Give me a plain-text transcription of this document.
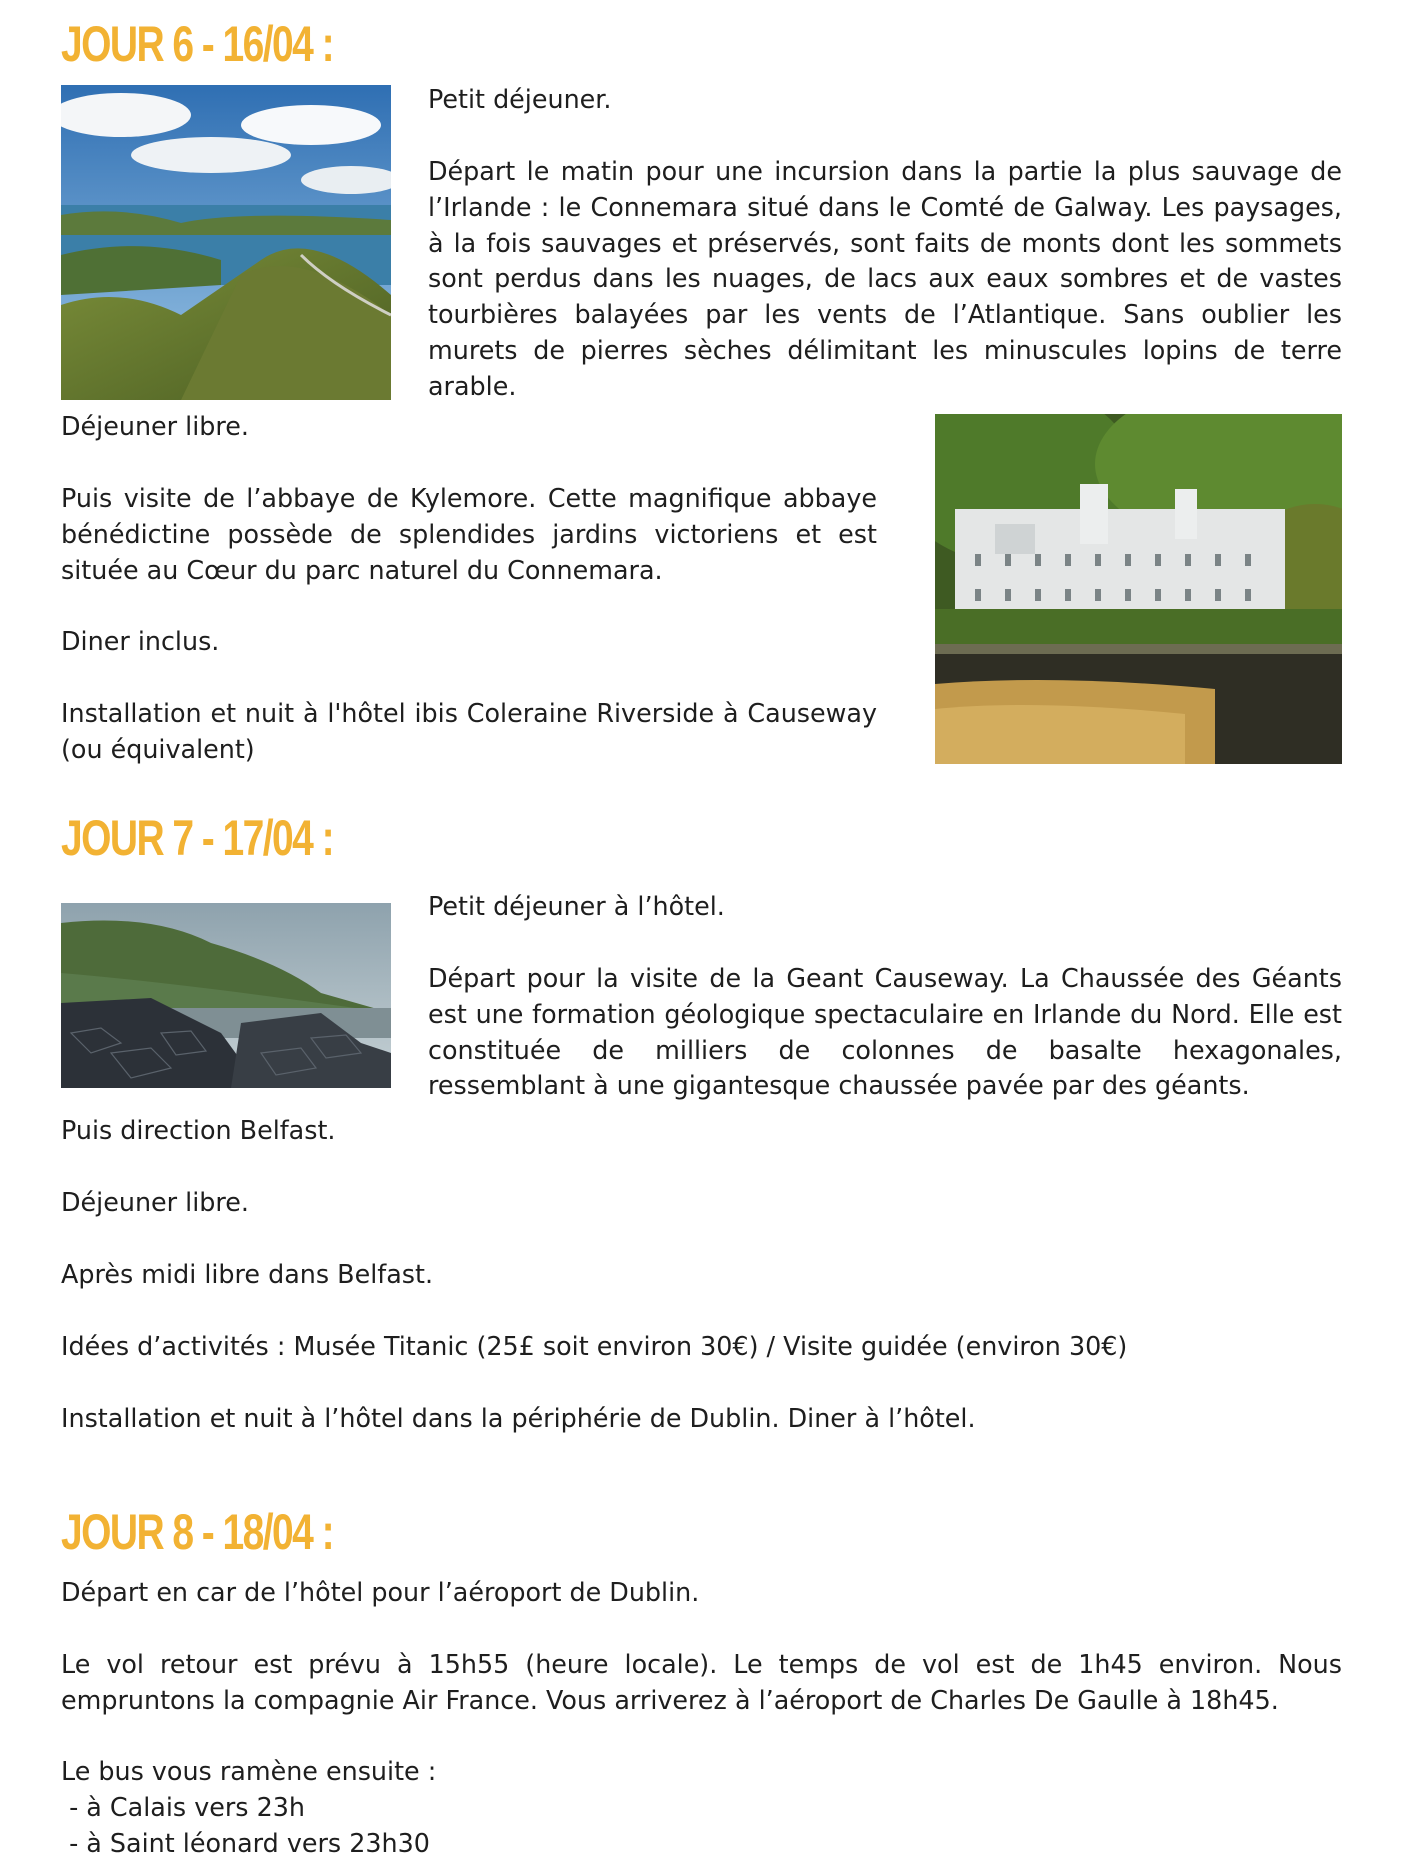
JOUR 6 - 16/04 :

Petit déjeuner.

Départ le matin pour une incursion dans la partie la plus sauvage de l’Irlande : le Connemara situé dans le Comté de Galway. Les paysages, à la fois sauvages et préservés, sont faits de monts dont les sommets sont perdus dans les nuages, de lacs aux eaux sombres et de vastes tourbières balayées par les vents de l’Atlantique. Sans oublier les murets de pierres sèches délimitant les minuscules lopins de terre arable.

Déjeuner libre.

Puis visite de l’abbaye de Kylemore. Cette magnifique abbaye bénédictine possède de splendides jardins victoriens et est située au Cœur du parc naturel du Connemara.

Diner inclus.

Installation et nuit à l'hôtel ibis Coleraine Riverside à Causeway (ou équivalent)

JOUR 7 - 17/04 :

Petit déjeuner à l’hôtel.

Départ pour la visite de la Geant Causeway. La Chaussée des Géants est une formation géologique spectaculaire en Irlande du Nord. Elle est constituée de milliers de colonnes de basalte hexagonales, ressemblant à une gigantesque chaussée pavée par des géants.

Puis direction Belfast.

Déjeuner libre.

Après midi libre dans Belfast.

Idées d’activités : Musée Titanic (25£ soit environ 30€) / Visite guidée (environ 30€)

Installation et nuit à l’hôtel dans la périphérie de Dublin. Diner à l’hôtel.

JOUR 8 - 18/04 :

Départ en car de l’hôtel pour l’aéroport de Dublin.

Le vol retour est prévu à 15h55 (heure locale). Le temps de vol est de 1h45 environ. Nous empruntons la compagnie Air France. Vous arriverez à l’aéroport de Charles De Gaulle à 18h45.

Le bus vous ramène ensuite :

- à Calais vers 23h

- à Saint léonard vers 23h30
